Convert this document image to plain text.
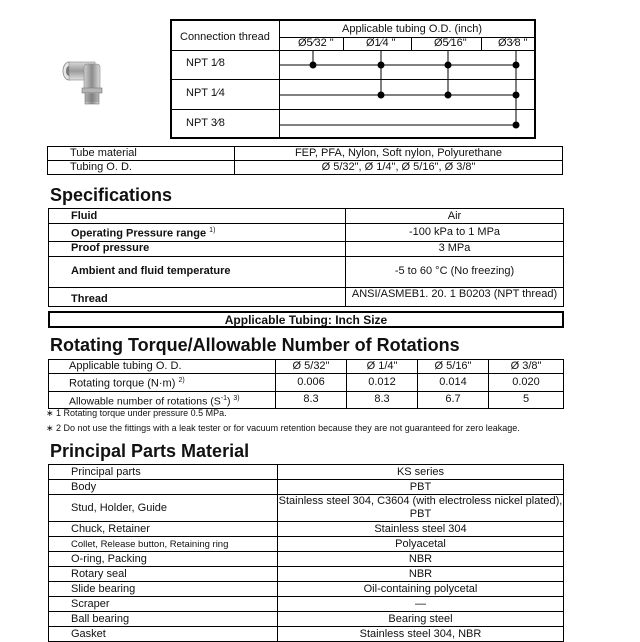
Connection thread
Applicable tubing O.D. (inch)
Ø5⁄32 "	Ø1⁄4 "	Ø5⁄16"	Ø3⁄8 "
NPT 1⁄8
NPT 1⁄4
NPT 3⁄8
Tube material	FEP, PFA, Nylon, Soft nylon, Polyurethane
Tubing O. D.	Ø 5/32", Ø 1/4", Ø 5/16", Ø 3/8"
Specifications
Fluid	Air
Operating Pressure range $^{1)}$	-100 kPa to 1 MPa
Proof pressure	3 MPa
Ambient and fluid temperature	-5 to 60 °C (No freezing)
Thread	ANSI/ASMEB1. 20. 1 B0203 (NPT thread)
Applicable Tubing: Inch Size
Rotating Torque/Allowable Number of Rotations
Applicable tubing O. D.	Ø 5/32"	Ø 1/4"	Ø 5/16"	Ø 3/8"
Rotating torque (N·m) $^{2)}$	0.006	0.012	0.014	0.020
Allowable number of rotations $(S^{-1})$ $^{3)}$	8.3	8.3	6.7	5
∗ 1 Rotating torque under pressure 0.5 MPa.
∗ 2 Do not use the fittings with a leak tester or for vacuum retention because they are not guaranteed for zero leakage.
Principal Parts Material
Principal parts	KS series
Body	PBT
Stud, Holder, Guide	Stainless steel 304, C3604 (with electroless nickel plated), PBT
Chuck, Retainer	Stainless steel 304
Collet, Release button, Retaining ring	Polyacetal
O-ring, Packing	NBR
Rotary seal	NBR
Slide bearing	Oil-containing polycetal
Scraper	—
Ball bearing	Bearing steel
Gasket	Stainless steel 304, NBR
